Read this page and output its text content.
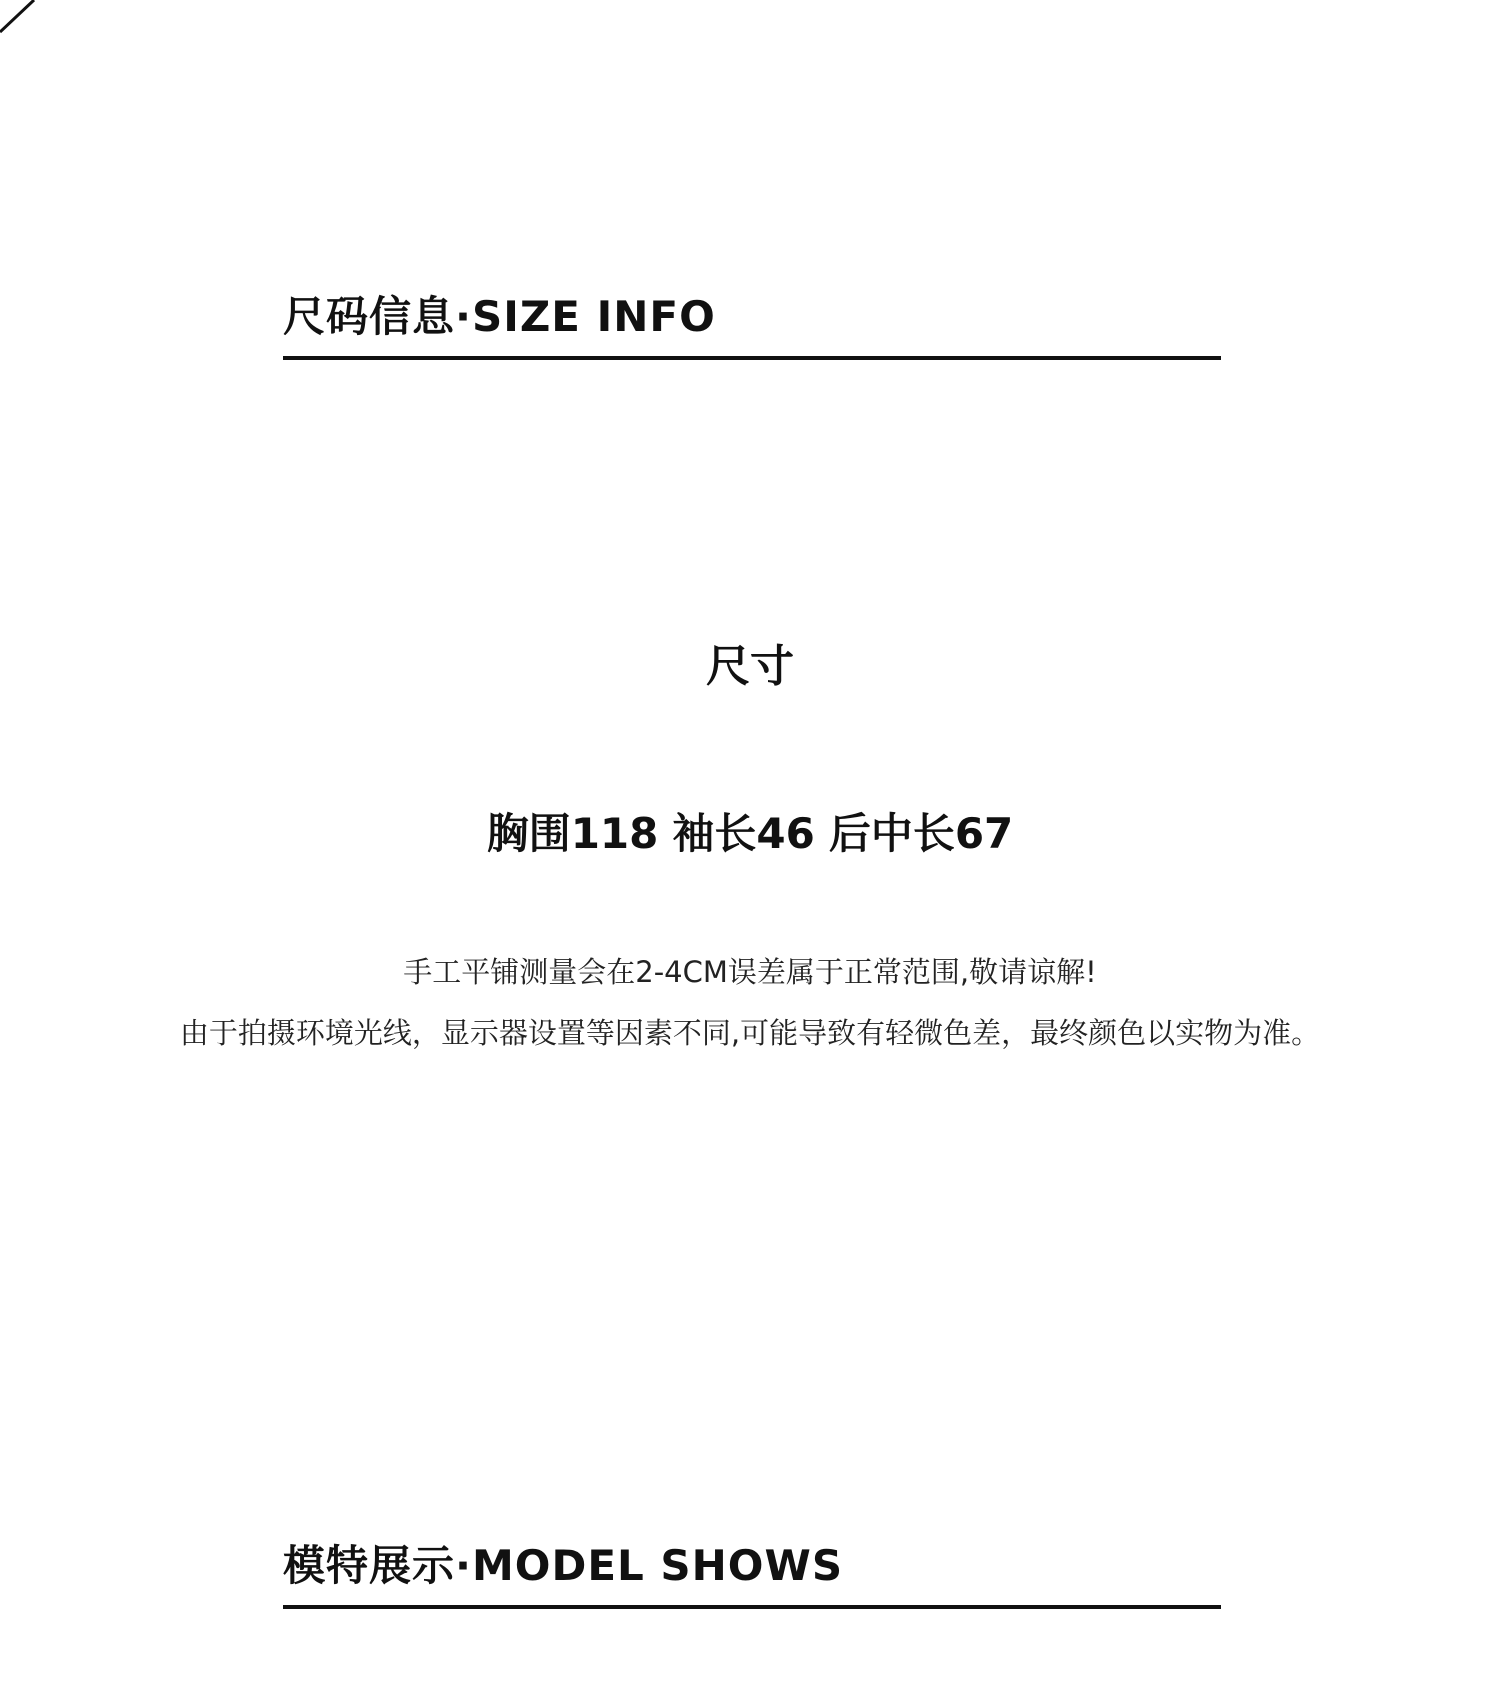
尺码信息·SIZE INFO
尺寸
胸围118 袖长46 后中长67
手工平铺测量会在2-4CM误差属于正常范围,敬请谅解!
由于拍摄环境光线，显示器设置等因素不同,可能导致有轻微色差，最终颜色以实物为准。
模特展示·MODEL SHOWS
